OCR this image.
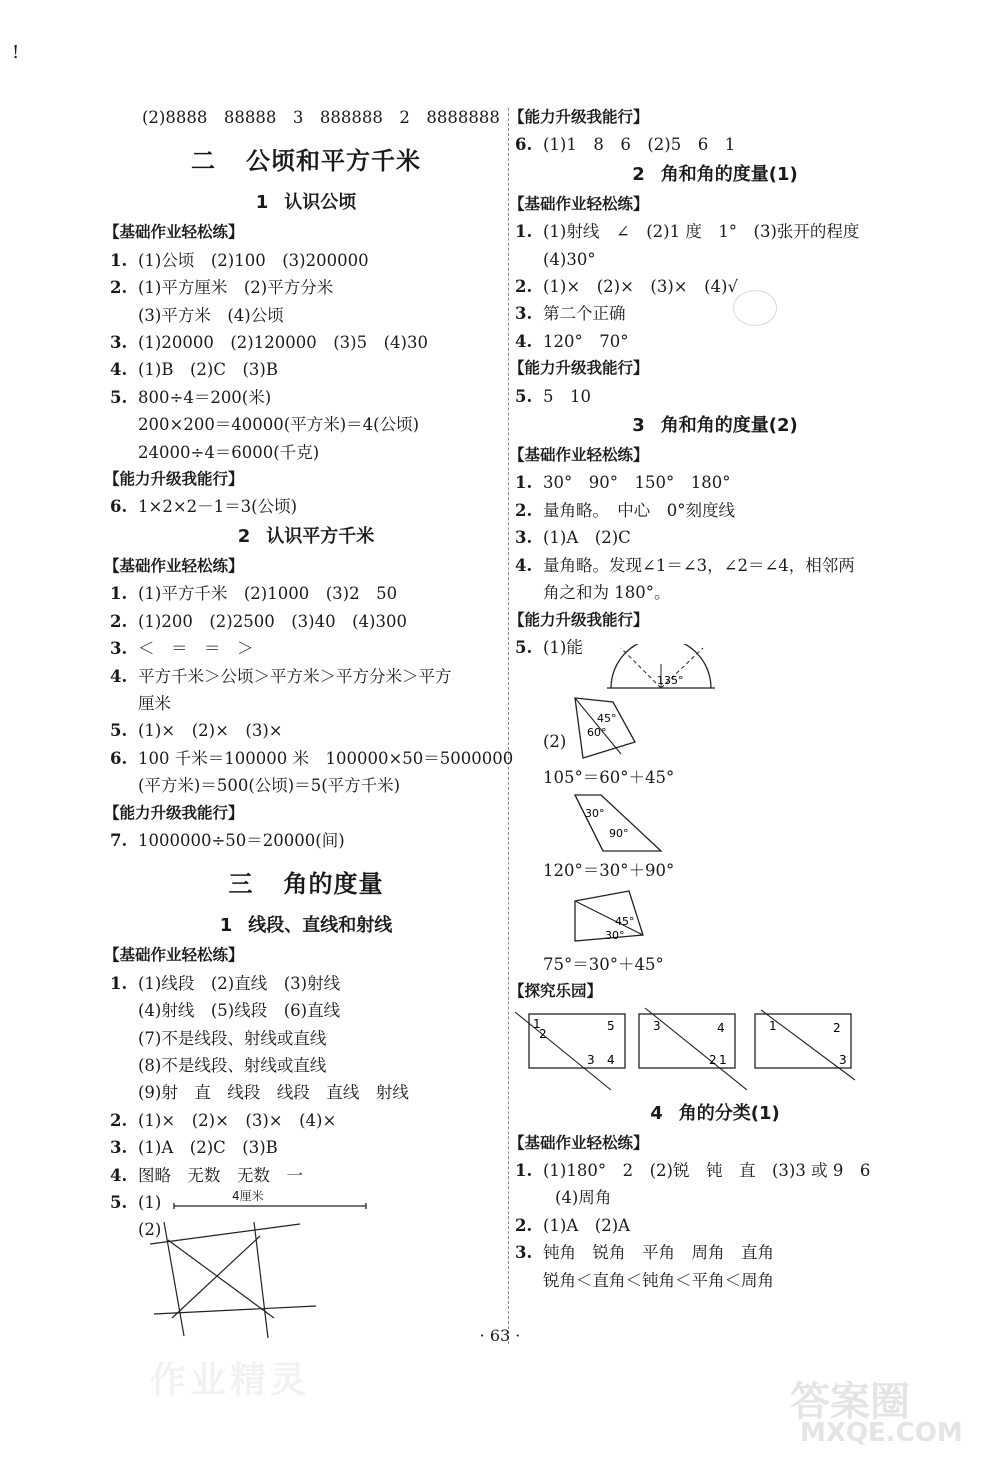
!
(2)8888　88888　3　888888　2　8888888
二 公顷和平方千米
1 认识公顷
【基础作业轻松练】
1. (1)公顷　(2)100　(3)200000
2. (1)平方厘米　(2)平方分米
(3)平方米　(4)公顷
3. (1)20000　(2)120000　(3)5　(4)30
4. (1)B　(2)C　(3)B
5. 800÷4＝200(米)
200×200＝40000(平方米)＝4(公顷)
24000÷4＝6000(千克)
【能力升级我能行】
6. 1×2×2－1＝3(公顷)
2 认识平方千米
【基础作业轻松练】
1. (1)平方千米　(2)1000　(3)2　50
2. (1)200　(2)2500　(3)40　(4)300
3. ＜　＝　＝　＞
4. 平方千米＞公顷＞平方米＞平方分米＞平方
厘米
5. (1)×　(2)×　(3)×
6. 100 千米＝100000 米　100000×50＝5000000
(平方米)＝500(公顷)＝5(平方千米)
【能力升级我能行】
7. 1000000÷50＝20000(间)
三 角的度量
1 线段、直线和射线
【基础作业轻松练】
1. (1)线段　(2)直线　(3)射线
(4)射线　(5)线段　(6)直线
(7)不是线段、射线或直线
(8)不是线段、射线或直线
(9)射　直　线段　线段　直线　射线
2. (1)×　(2)×　(3)×　(4)×
3. (1)A　(2)C　(3)B
4. 图略　无数　无数　一
5. (1)	4厘米
(2)
【能力升级我能行】
6. (1)1　8　6　(2)5　6　1
2 角和角的度量(1)
【基础作业轻松练】
1. (1)射线　∠　(2)1 度　1°　(3)张开的程度
(4)30°
2. (1)×　(2)×　(3)×　(4)√
3. 第二个正确
4. 120°　70°
【能力升级我能行】
5. 5　10
3 角和角的度量(2)
【基础作业轻松练】
1. 30°　90°　150°　180°
2. 量角略。　中心　0°刻度线
3. (1)A　(2)C
4. 量角略。发现∠1＝∠3，∠2＝∠4，相邻两
角之和为 180°。
【能力升级我能行】
5. (1)能
135°
(2) 60°
45°
105°＝60°＋45°
30°
90°
120°＝30°＋90°
45°
30°
75°＝30°＋45°
【探究乐园】
1
2
5
3 4
3	4
2 1
1	2
3
4 角的分类(1)
【基础作业轻松练】
1. (1)180°　2　(2)锐　钝　直　(3)3 或 9　6
(4)周角
2. (1)A　(2)A
3. 钝角　锐角　平角　周角　直角
锐角＜直角＜钝角＜平角＜周角
· 63 ·
作业精灵	答案圈
MXQE.COM
